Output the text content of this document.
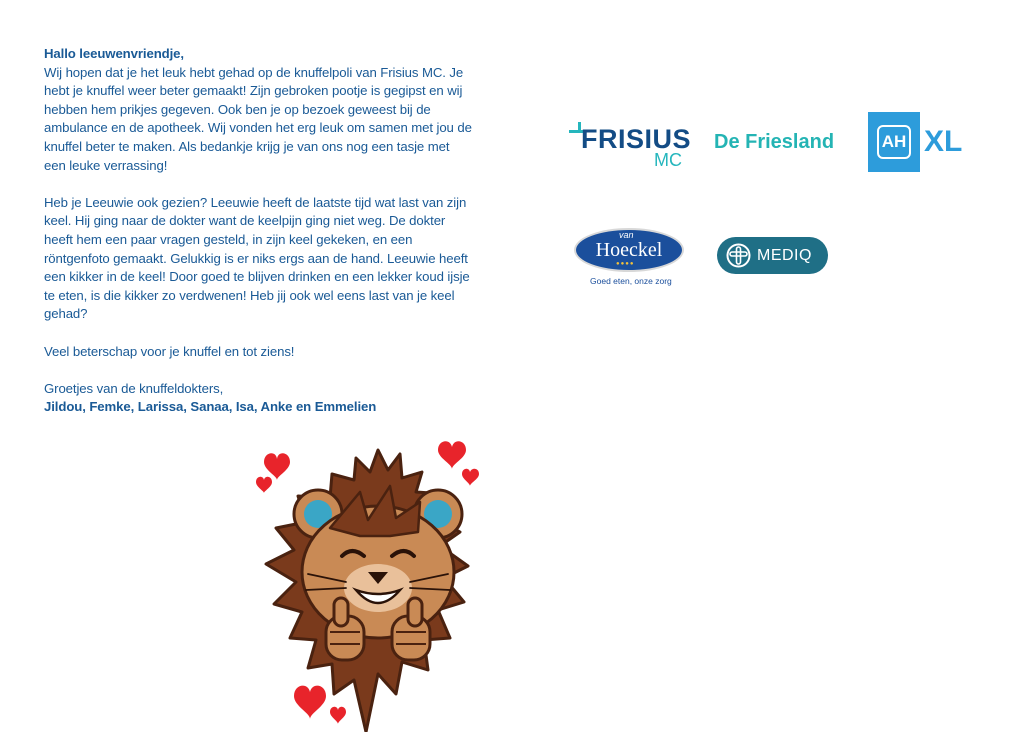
Hallo leeuwenvriendje,

Wij hopen dat je het leuk hebt gehad op de knuffelpoli van Frisius MC. Je hebt je knuffel weer beter gemaakt! Zijn gebroken pootje is gegipst en wij hebben hem prikjes gegeven. Ook ben je op bezoek geweest bij de ambulance en de apotheek. Wij vonden het erg leuk om samen met jou de knuffel beter te maken. Als bedankje krijg je van ons nog een tasje met een leuke verrassing!

Heb je Leeuwie ook gezien? Leeuwie heeft de laatste tijd wat last van zijn keel. Hij ging naar de dokter want de keelpijn ging niet weg. De dokter heeft hem een paar vragen gesteld, in zijn keel gekeken, en een röntgenfoto gemaakt. Gelukkig is er niks ergs aan de hand. Leeuwie heeft een kikker in de keel! Door goed te blijven drinken en een lekker koud ijsje te eten, is die kikker zo verdwenen! Heb jij ook wel eens last van je keel gehad?

Veel beterschap voor je knuffel en tot ziens!

Groetjes van de knuffeldokters,
Jildou, Femke, Larissa, Sanaa, Isa, Anke en Emmelien
FRISIUS
MC
De Friesland	AH XL
van
Hoeckel
●●●●
Goed eten, onze zorg
MEDIQ
